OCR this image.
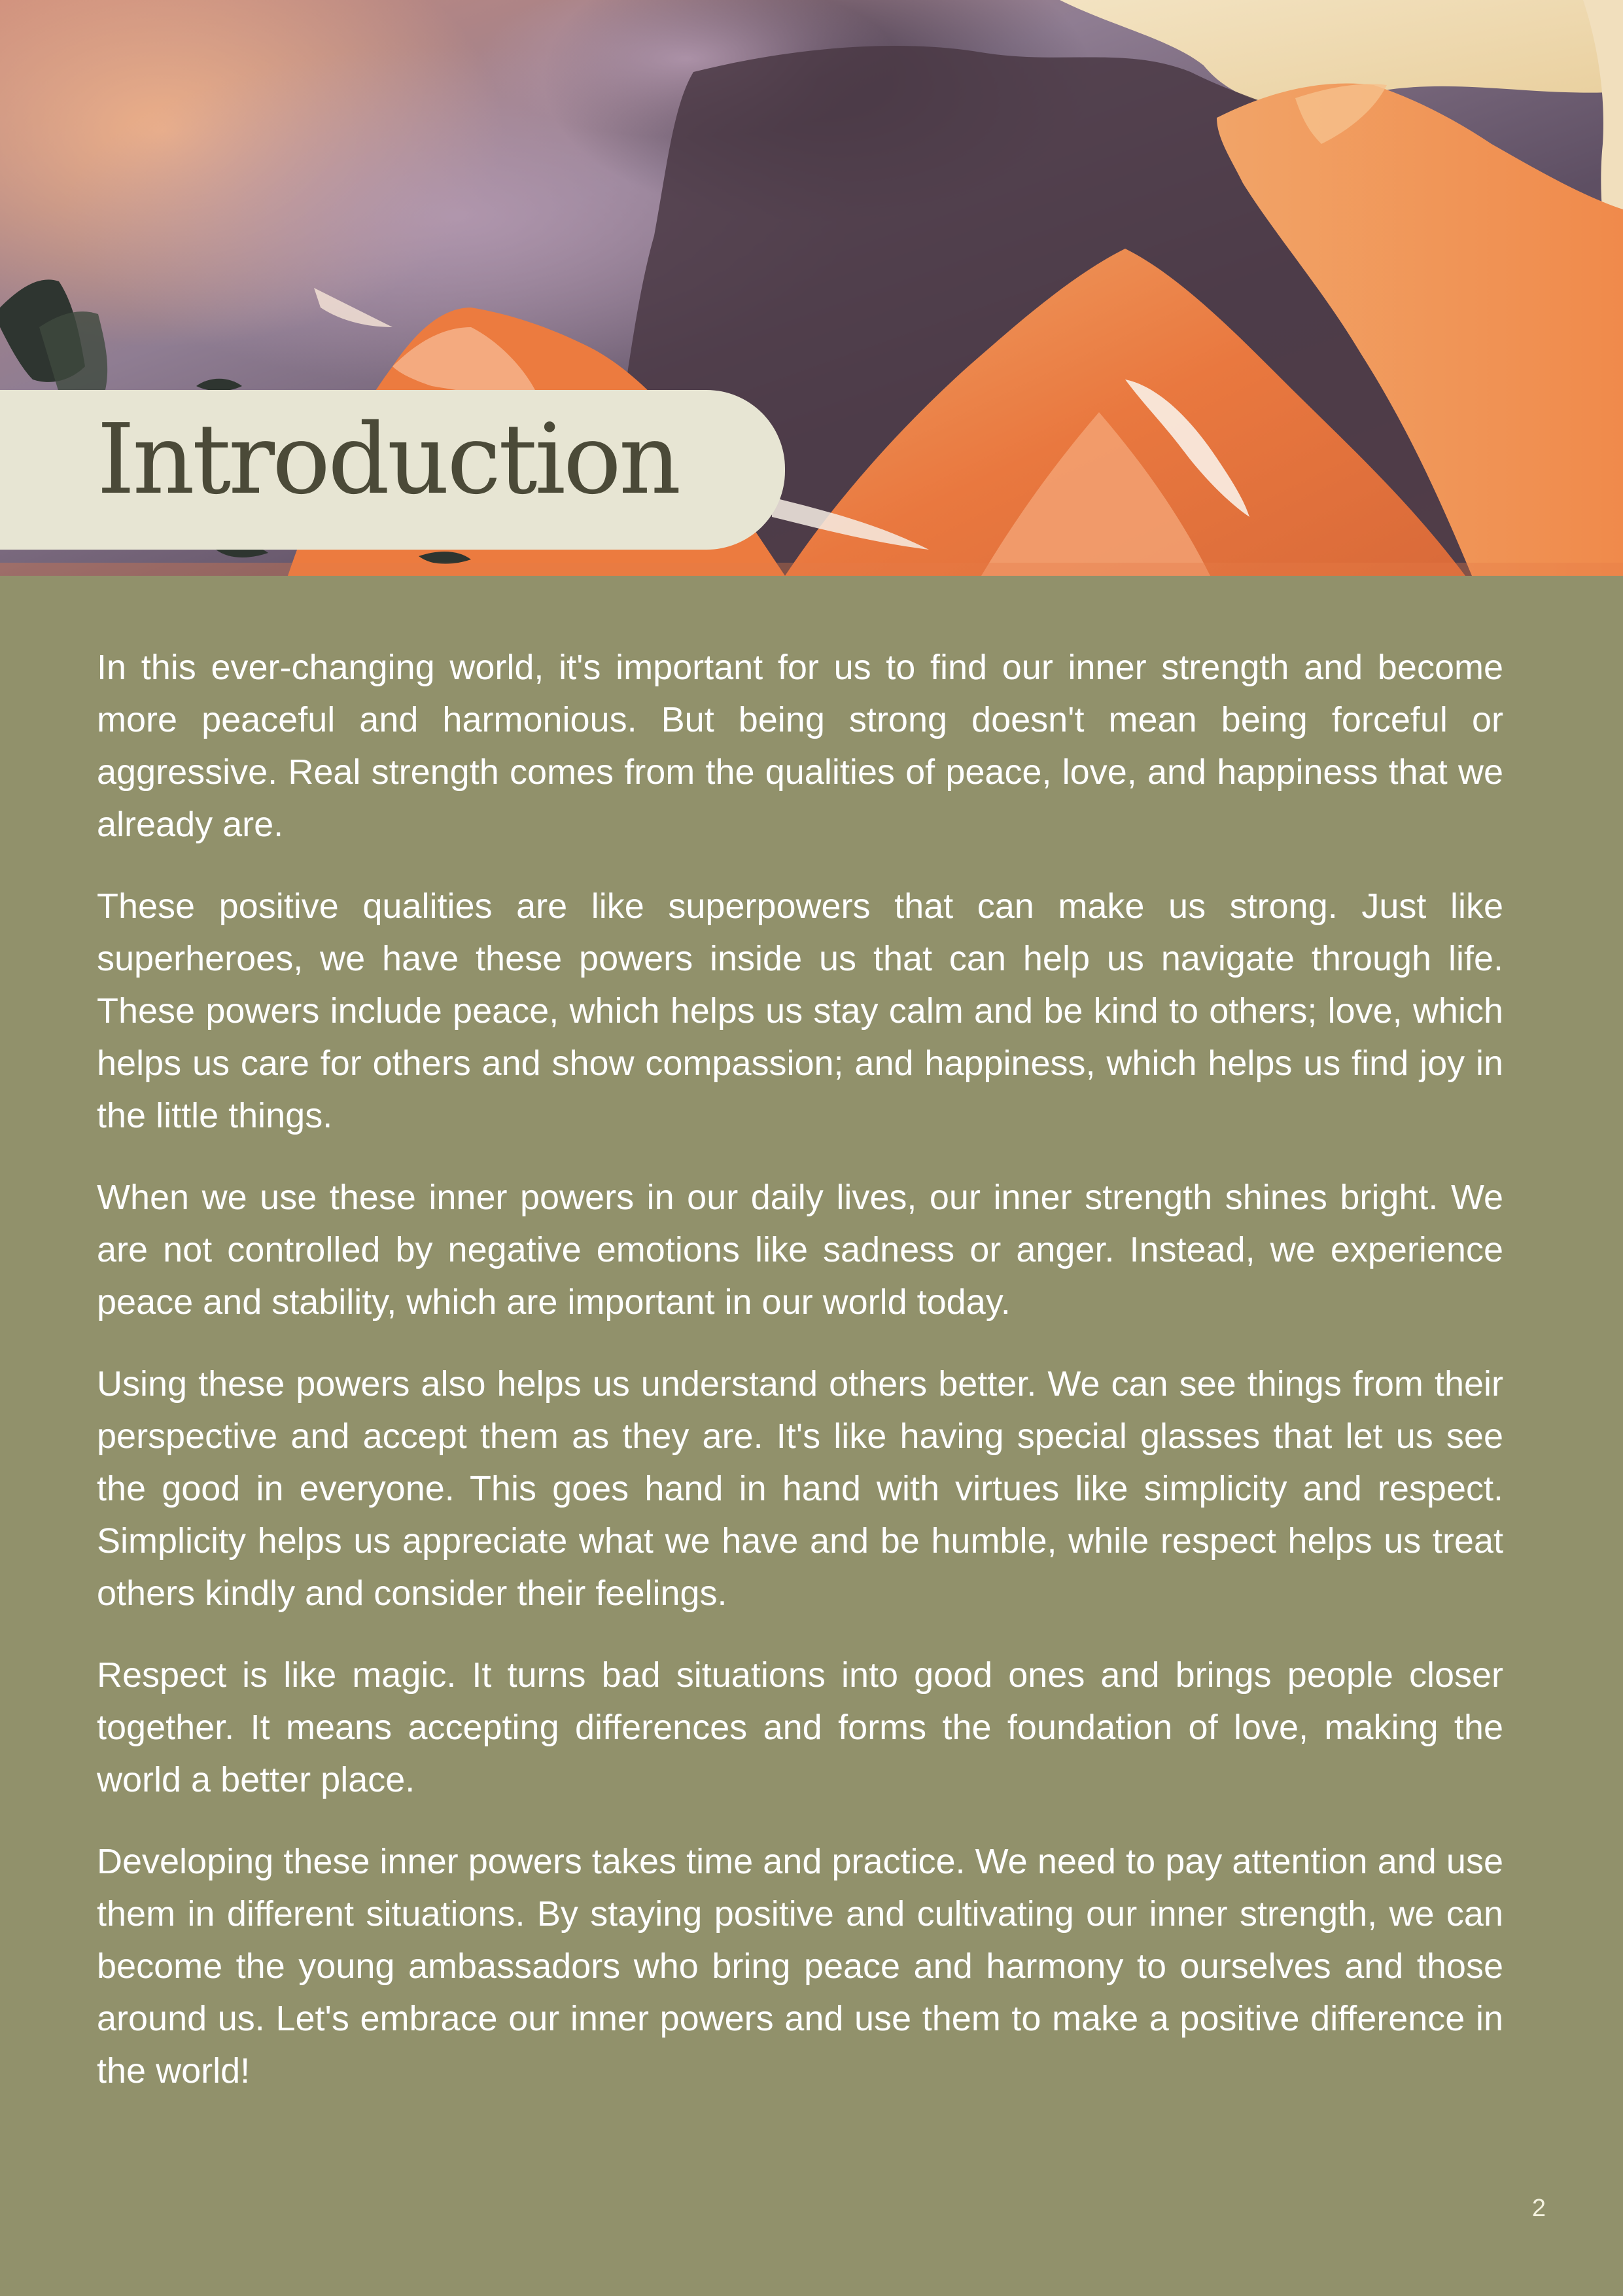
Introduction

In this ever-changing world, it's important for us to find our inner strength and become more peaceful and harmonious. But being strong doesn't mean being forceful or aggressive. Real strength comes from the qualities of peace, love, and happiness that we already are.

These positive qualities are like superpowers that can make us strong. Just like superheroes, we have these powers inside us that can help us navigate through life. These powers include peace, which helps us stay calm and be kind to others; love, which helps us care for others and show compassion; and happiness, which helps us find joy in the little things.

When we use these inner powers in our daily lives, our inner strength shines bright. We are not controlled by negative emotions like sadness or anger. Instead, we experience peace and stability, which are important in our world today.

Using these powers also helps us understand others better. We can see things from their perspective and accept them as they are. It's like having special glasses that let us see the good in everyone. This goes hand in hand with virtues like simplicity and respect. Simplicity helps us appreciate what we have and be humble, while respect helps us treat others kindly and consider their feelings.

Respect is like magic. It turns bad situations into good ones and brings people closer together. It means accepting differences and forms the foundation of love, making the world a better place.

Developing these inner powers takes time and practice. We need to pay attention and use them in different situations. By staying positive and cultivating our inner strength, we can become the young ambassadors who bring peace and harmony to ourselves and those around us. Let's embrace our inner powers and use them to make a positive difference in the world!

2
